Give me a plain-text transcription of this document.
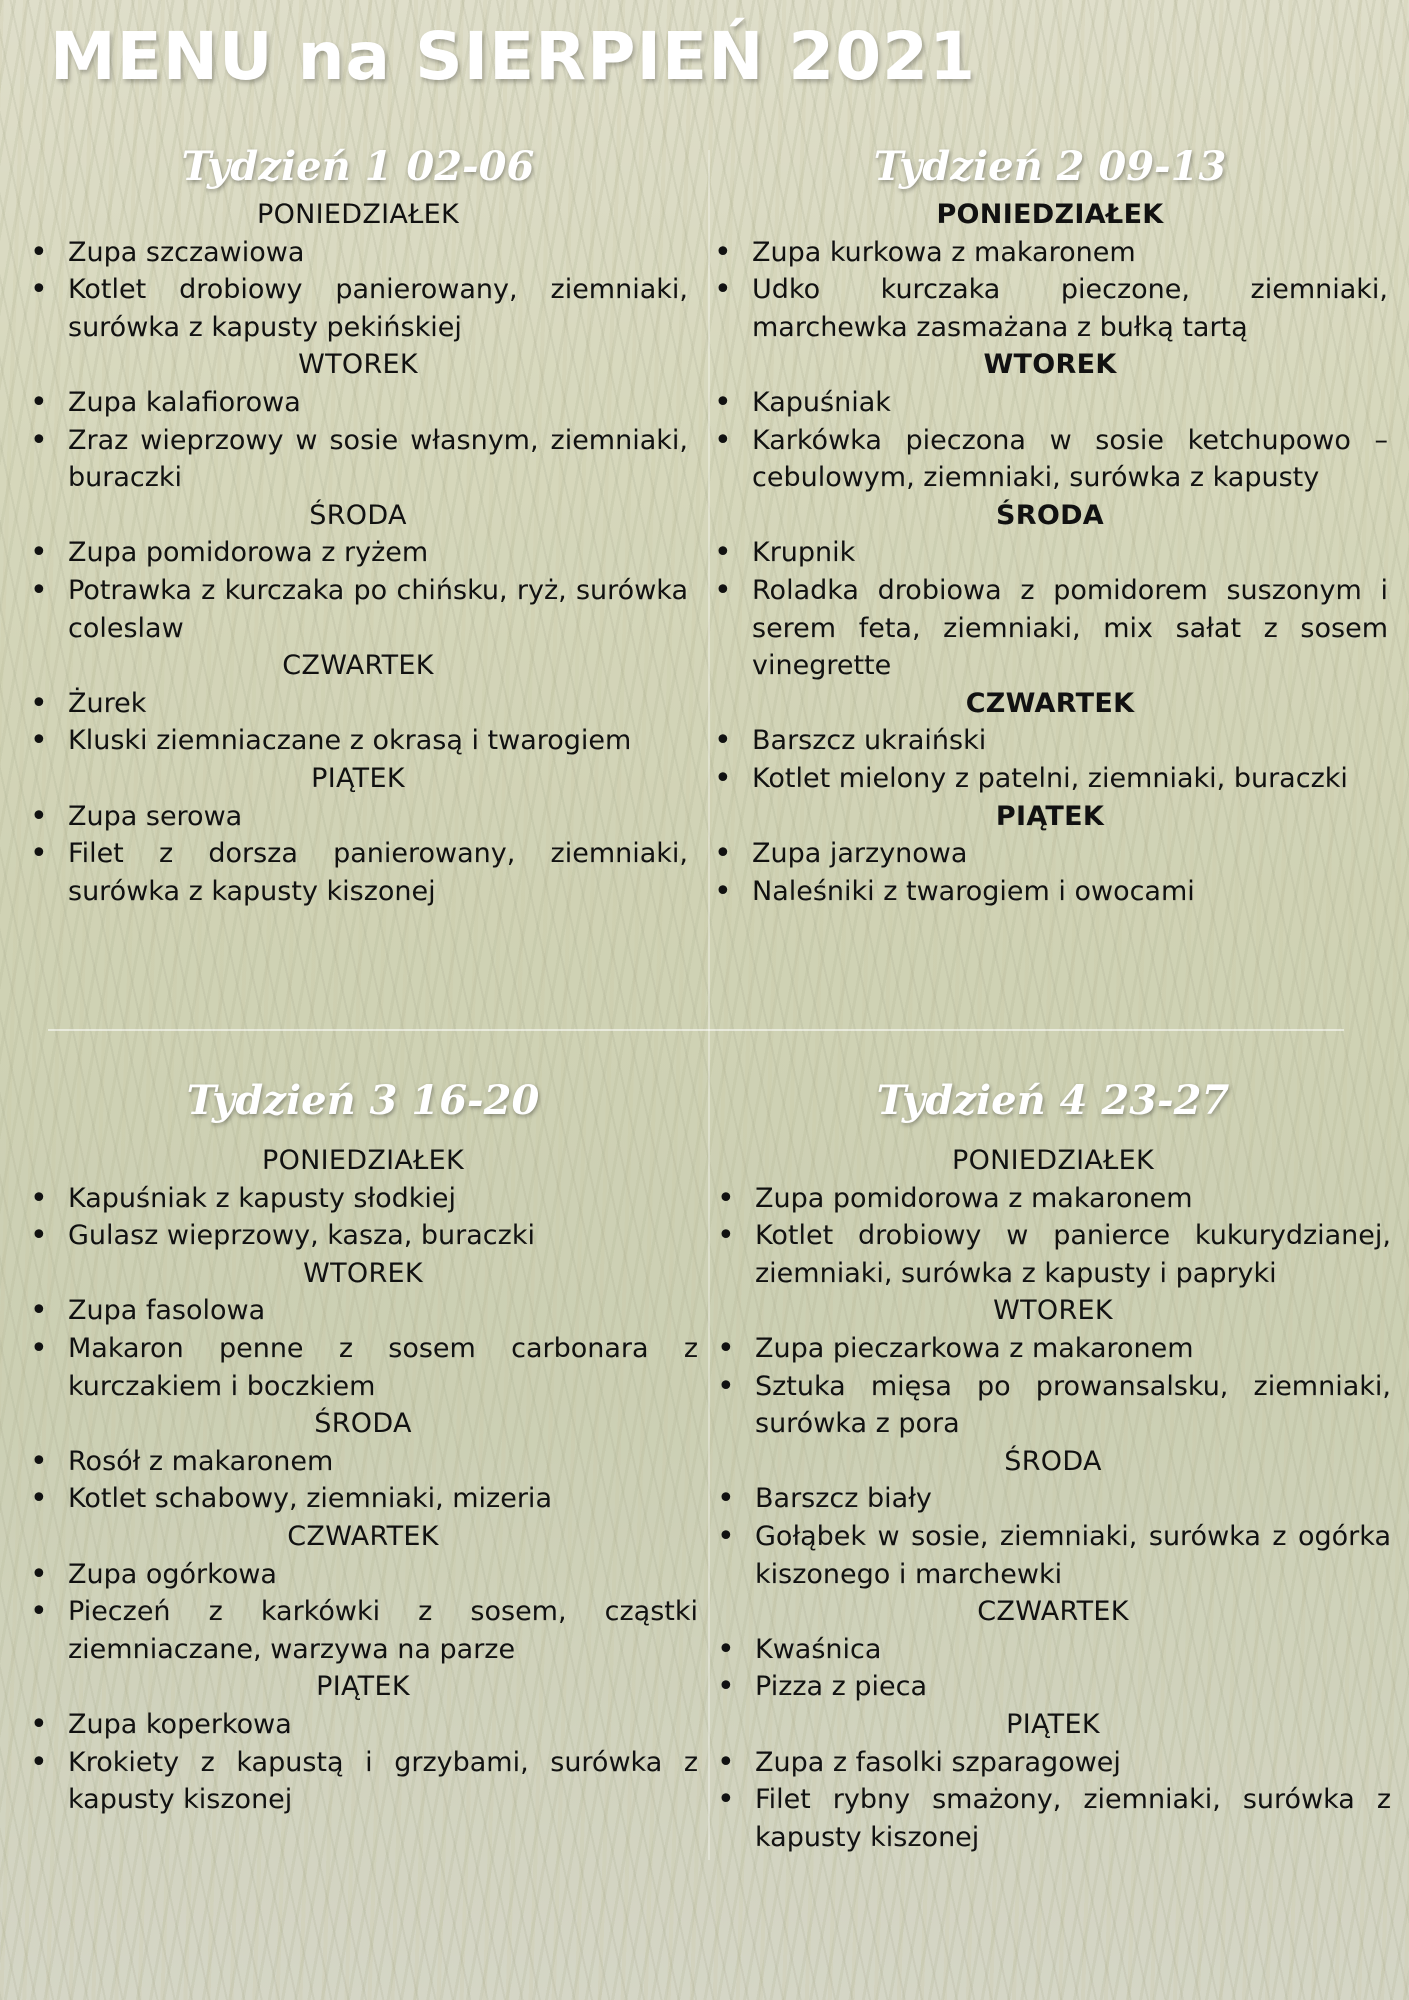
MENU na SIERPIEŃ 2021
Tydzień 1 02-06
PONIEDZIAŁEK
• Zupa szczawiowa
• Kotlet drobiowy panierowany, ziemniaki, surówka z kapusty pekińskiej
WTOREK
• Zupa kalafiorowa
• Zraz wieprzowy w sosie własnym, ziemniaki, buraczki
ŚRODA
• Zupa pomidorowa z ryżem
• Potrawka z kurczaka po chińsku, ryż, surówka coleslaw
CZWARTEK
• Żurek
• Kluski ziemniaczane z okrasą i twarogiem
PIĄTEK
• Zupa serowa
• Filet z dorsza panierowany, ziemniaki, surówka z kapusty kiszonej
Tydzień 2 09-13
PONIEDZIAŁEK
• Zupa kurkowa z makaronem
• Udko kurczaka pieczone, ziemniaki, marchewka zasmażana z bułką tartą
WTOREK
• Kapuśniak
• Karkówka pieczona w sosie ketchupowo – cebulowym, ziemniaki, surówka z kapusty
ŚRODA
• Krupnik
• Roladka drobiowa z pomidorem suszonym i serem feta, ziemniaki, mix sałat z sosem vinegrette
CZWARTEK
• Barszcz ukraiński
• Kotlet mielony z patelni, ziemniaki, buraczki
PIĄTEK
• Zupa jarzynowa
• Naleśniki z twarogiem i owocami
Tydzień 3 16-20
PONIEDZIAŁEK
• Kapuśniak z kapusty słodkiej
• Gulasz wieprzowy, kasza, buraczki
WTOREK
• Zupa fasolowa
• Makaron penne z sosem carbonara z kurczakiem i boczkiem
ŚRODA
• Rosół z makaronem
• Kotlet schabowy, ziemniaki, mizeria
CZWARTEK
• Zupa ogórkowa
• Pieczeń z karkówki z sosem, cząstki ziemniaczane, warzywa na parze
PIĄTEK
• Zupa koperkowa
• Krokiety z kapustą i grzybami, surówka z kapusty kiszonej
Tydzień 4 23-27
PONIEDZIAŁEK
• Zupa pomidorowa z makaronem
• Kotlet drobiowy w panierce kukurydzianej, ziemniaki, surówka z kapusty i papryki
WTOREK
• Zupa pieczarkowa z makaronem
• Sztuka mięsa po prowansalsku, ziemniaki, surówka z pora
ŚRODA
• Barszcz biały
• Gołąbek w sosie, ziemniaki, surówka z ogórka kiszonego i marchewki
CZWARTEK
• Kwaśnica
• Pizza z pieca
PIĄTEK
• Zupa z fasolki szparagowej
• Filet rybny smażony, ziemniaki, surówka z kapusty kiszonej
